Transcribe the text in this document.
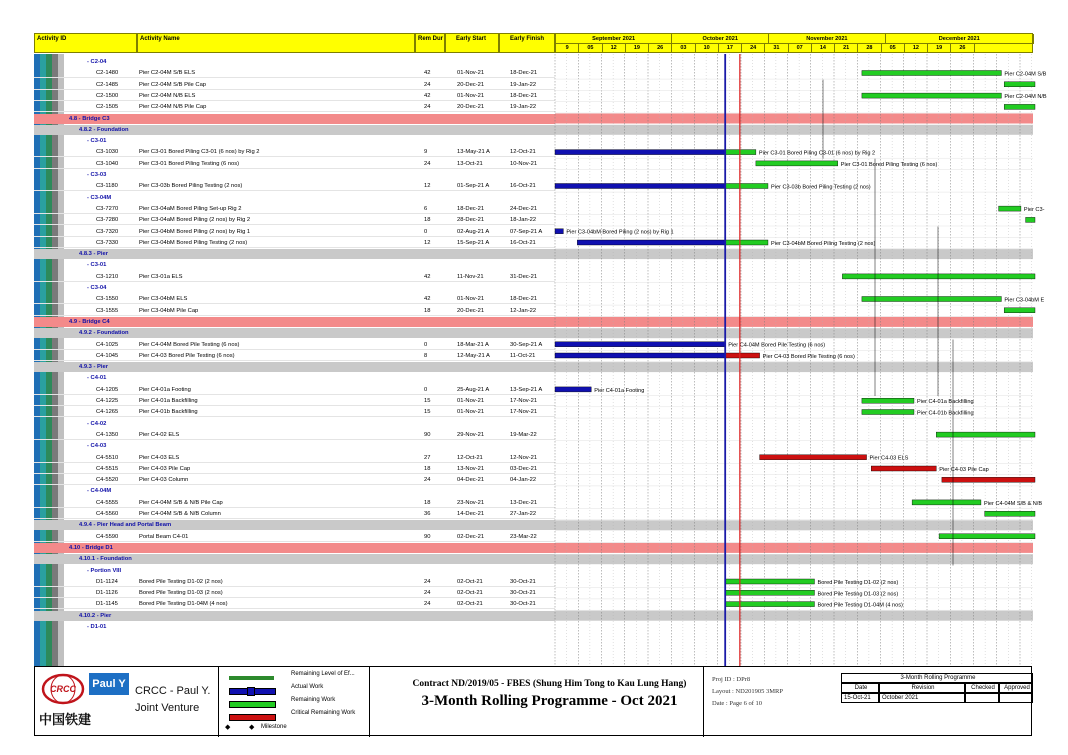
Activity ID	Activity Name	Rem Dur Early Start	Early Finish	September 2021	October 2021	November 2021	December 2021
9	05	12	19	26	03	10	17	24	31	07	14	21	28	05	12	19	26
- C2-04
C2-1480	Pier C2-04M S/B ELS	42	01-Nov-21	18-Dec-21
C2-1485	Pier C2-04M S/B Pile Cap	24	20-Dec-21	19-Jan-22
C2-1500	Pier C2-04M N/B ELS	42	01-Nov-21	18-Dec-21
C2-1505	Pier C2-04M N/B Pile Cap	24	20-Dec-21	19-Jan-22
4.8 - Bridge C3
4.8.2 - Foundation
- C3-01
C3-1030	Pier C3-01 Bored Piling C3-01 (6 nos) by Rig 2	9	13-May-21 A	12-Oct-21
C3-1040	Pier C3-01 Bored Piling Testing (6 nos)	24	13-Oct-21	10-Nov-21
- C3-03
C3-1180	Pier C3-03b Bored Piling Testing (2 nos)	12	01-Sep-21 A	16-Oct-21
- C3-04M
C3-7270	Pier C3-04aM Bored Piling Set-up Rig 2	6	18-Dec-21	24-Dec-21
C3-7280	Pier C3-04aM Bored Piling (2 nos) by Rig 2	18	28-Dec-21	18-Jan-22
C3-7320	Pier C3-04bM Bored Piling (2 nos) by Rig 1	0	02-Aug-21 A	07-Sep-21 A
C3-7330	Pier C3-04bM Bored Piling Testing (2 nos)	12	15-Sep-21 A	16-Oct-21
4.8.3 - Pier
- C3-01
C3-1210	Pier C3-01a ELS	42	11-Nov-21	31-Dec-21
- C3-04
C3-1550	Pier C3-04bM ELS	42	01-Nov-21	18-Dec-21
C3-1555	Pier C3-04bM Pile Cap	18	20-Dec-21	12-Jan-22
4.9 - Bridge C4
4.9.2 - Foundation
C4-1025	Pier C4-04M Bored Pile Testing (6 nos)	0	18-Mar-21 A	30-Sep-21 A
C4-1045	Pier C4-03 Bored Pile Testing (6 nos)	8	12-May-21 A	11-Oct-21
4.9.3 - Pier
- C4-01
C4-1205	Pier C4-01a Footing	0	25-Aug-21 A	13-Sep-21 A
C4-1225	Pier C4-01a Backfilling	15	01-Nov-21	17-Nov-21
C4-1265	Pier C4-01b Backfilling	15	01-Nov-21	17-Nov-21
- C4-02
C4-1350	Pier C4-02 ELS	90	29-Nov-21	19-Mar-22
- C4-03
C4-5510	Pier C4-03 ELS	27	12-Oct-21	12-Nov-21
C4-5515	Pier C4-03 Pile Cap	18	13-Nov-21	03-Dec-21
C4-5520	Pier C4-03 Column	24	04-Dec-21	04-Jan-22
- C4-04M
C4-5555	Pier C4-04M S/B & N/B Pile Cap	18	23-Nov-21	13-Dec-21
C4-5560	Pier C4-04M S/B & N/B Column	36	14-Dec-21	27-Jan-22
4.9.4 - Pier Head and Portal Beam
C4-5590	Portal Beam C4-01	90	02-Dec-21	23-Mar-22
4.10 - Bridge D1
4.10.1 - Foundation
- Portion VIII
D1-1124	Bored Pile Testing D1-02 (2 nos)	24	02-Oct-21	30-Oct-21
D1-1126	Bored Pile Testing D1-03 (2 nos)	24	02-Oct-21	30-Oct-21
D1-1145	Bored Pile Testing D1-04M (4 nos)	24	02-Oct-21	30-Oct-21
4.10.2 - Pier
- D1-01
Pier C2-04M S/B
Pier C2-04M N/B
Pier C3-01 Bored Piling C3-01 (6 nos) by Rig 2
Pier C3-01 Bored Piling Testing (6 nos)
Pier C3-03b Bored Piling Testing (2 nos)
Pier C3-
Pier C3-04bM Bored Piling (2 nos) by Rig 1
Pier C3-04bM Bored Piling Testing (2 nos)
Pier C3-04bM E
Pier C4-04M Bored Pile Testing (6 nos)
Pier C4-03 Bored Pile Testing (6 nos)
Pier C4-01a Footing
Pier C4-01a Backfilling
Pier C4-01b Backfilling
Pier C4-03 ELS
Pier C4-03 Pile Cap
Pier C4-04M S/B & N/B
Bored Pile Testing D1-02 (2 nos)
Bored Pile Testing D1-03 (2 nos)
Bored Pile Testing D1-04M (4 nos)
CRCC
中国铁建
Paul Y
CRCC - Paul Y.
Joint Venture
Remaining Level of Ef...
Actual Work
Remaining Work
Critical Remaining Work
◆	◆ Milestone
Contract ND/2019/05 - FBES (Shung Him Tong to Kau Lung Hang)
3-Month Rolling Programme - Oct 2021
Proj ID : DPr8
Layout : ND201905 3MRP
Date : Page 6 of 10
3-Month Rolling Programme
Date	Revision	Checked	Approved
15-Oct-21	October 2021
